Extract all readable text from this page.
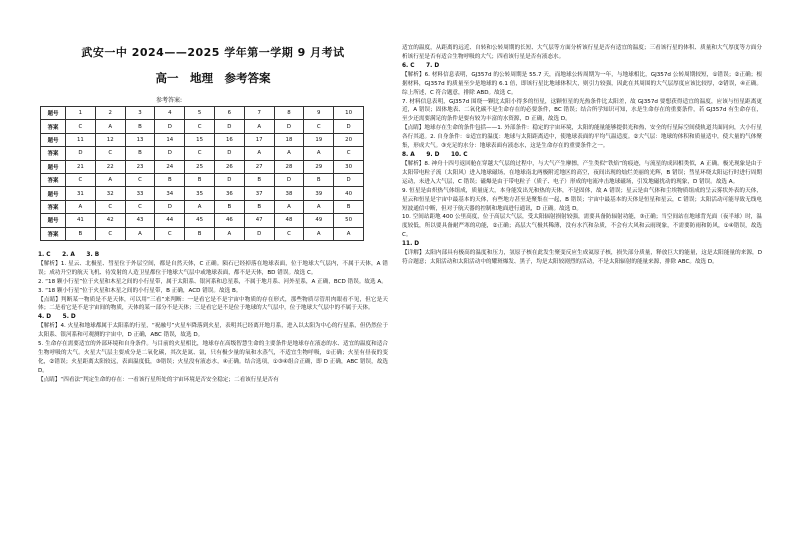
武安一中 2024——2025 学年第一学期 9 月考试
高一　地理　参考答案
参考答案:
题号	1	2	3	4	5	6	7	8	9	10
答案	C	A	B	D	C	D	A	D	C	D
题号	11	12	13	14	15	16	17	18	19	20
答案	D	C	B	D	C	D	A	A	A	C
题号	21	22	23	24	25	26	27	28	29	30
答案	C	A	C	B	B	D	B	D	B	D
题号	31	32	33	34	35	36	37	38	39	40
答案	A	C	C	D	A	B	B	A	A	B
题号	41	42	43	44	45	46	47	48	49	50
答案	B	C	A	C	B	A	D	C	A	A

1. C　　2. A　　3. B

【解析】1. 星云、北极星、彗星位于外层空间，都是自然天体，C 正确。陨石已经掉落在地球表面，位于地球大气层内，不属于天体，A 错误；成功升空的航天飞机、待发射的人造卫星都位于地球大气层中或地球表面，都不是天体，BD 错误。故选 C。

2. “18 颗小行星”位于火星和木星之间的小行星带，属于太阳系、银河系和总星系，不属于地月系、河外星系，A 正确，BCD 错误。故选 A。

3. “18 颗小行星”位于火星和木星之间的小行星带，B 正确，ACD 错误。故选 B。

【点睛】判断某一物质是不是天体，可以用“三看”来判断：一是看它是不是宇宙中物质的存在形式，那些物质尽管用肉眼看不见，但它是天体；二是看它是不是宇宙间的物质，天体的某一部分不是天体；三是看它是不是位于地球的大气层中，位于地球大气层中的不属于天体。

4. D　　5. D

【解析】4. 火星和地球都属于太阳系的行星，“祝融号”火星车降落到火星，表明其已经离开地月系，进入以太阳为中心的行星系，但仍然位于太阳系、银河系和可观测的宇宙中，D 正确，ABC 错误，故选 D。

5. 生命存在需要适宜的外部环境和自身条件。与目前的火星相比，地球存在高级智慧生命的主要条件是地球存在液态的水、适宜的温度和适合生物呼吸的大气。火星大气层主要成分是二氧化碳，其次是氮、氩，只有极少量的氧和水蒸气，不适宜生物呼吸，①正确；火星有昼夜的变化，②错误；火星距离太阳较远，表面温度低，③错误；火星没有液态水，④正确。结合选项，①③④组合正确，即 D 正确，ABC 错误，故选 D。

【点睛】“四看法”判定生命的存在：一看该行星所处的宇宙环境是否安全稳定；二看该行星是否有

适宜的温度，从距离的远近、自转和公转周期的长短、大气层等方面分析该行星是否有适宜的温度；三看该行星的体积、质量和大气厚度等方面分析该行星是否有适合生物呼吸的大气；四看该行星是否有液态水。

6. C　　7. D

【解析】6. 材料信息表明，GJ357d 的公转周期是 55.7 天，而地球公转周期为一年，与地球相比，GJ357d 公转周期较短，①错误；②正确；根据材料，GJ357d 的质量至少是地球的 6.1 倍，即该行星比地球体积大，则引力较强，因此在其周围的大气层厚度应该比较厚，②错误，④正确。综上所述，C 符合题意，排除 ABD。故选 C。

7. 材料信息表明，GJ357d 围绕一颗比太阳小得多的恒星，这颗恒星的光热条件比太阳差，故 GJ357d 要想获得适宜的温度，应该与恒星距离更近，A 错误；固体地表、二氧化碳不是生命存在的必要条件，BC 错误；结合所学知识可知，水是生命存在的重要条件，若 GJ357d 有生命存在，至少还需要满足的条件是要有较为丰富的水资源，D 正确，故选 D。

【点睛】地球存在生命的条件包括——1. 外部条件：稳定的宇宙环境，太阳的能量能够提供光和热，安全的行星际空间使轨道共面同向，大小行星各行其道。2. 自身条件：①适宜的温度：地球与太阳距离适中，使地球表面的平均气温适度。②大气层：地球的体积和质量适中，使大量的气体聚集，形成大气。③充足的水分：地球表面有液态水，这是生命存在的重要条件之一。

8. A　　9. D　　10. C

【解析】8. 神舟十四号返回舱在穿越大气层的过程中，与大气产生摩擦，产生类似“铁焰”的痕迹，与流星的成因相类似，A 正确。极光现象是由于太阳带电粒子流（太阳风）进入地球磁场，在地球南北两极附近地区的高空，夜间出现的灿烂美丽的光辉，B 错误；彗星环绕太阳运行时进行周期运动，未进入大气层，C 错误；磁爆是由于带电粒子（质子、电子）形成的电流冲击地球磁场，引发地磁扰动的现象，D 错误。故选 A。

9. 恒星是由炽热气体组成，质量庞大，本身能发出光和热的天体，不是固体，故 A 错误；星云是由气体和尘埃物质组成的呈云雾状外表的天体，星云和恒星是宇宙中最基本的天体，有些地方甚至是聚集在一起，B 错误；宇宙中最基本的天体是恒星和星云，C 错误；太阳活动可能导致无线电短波通信中断，但对于航天器的控制和地面进行通讯，D 正确。故选 D。

10. 空间站距地 400 公里高度，位于高层大气层，受太阳辐射损射较强，需要具备防辐射功能，③正确；当空间站在地球背光面（夜半球）时，温度较低，所以要具备耐严寒的功能，②正确；高层大气极其稀薄，没有水汽和杂质，不会有大风和云雨现象，不需要防雨和防风，①④错误，故选 C。

11. D

【详解】太阳内部具有极高的温度和压力，氢原子核在此发生聚变反应生成氦原子核，损失部分质量，释放巨大的能量，这是太阳能量的来源，D 符合题意；太阳活动和太阳活动中的耀斑爆发、黑子，均是太阳较剧烈的活动，不是太阳辐射的能量来源，排除 ABC。故选 D。
